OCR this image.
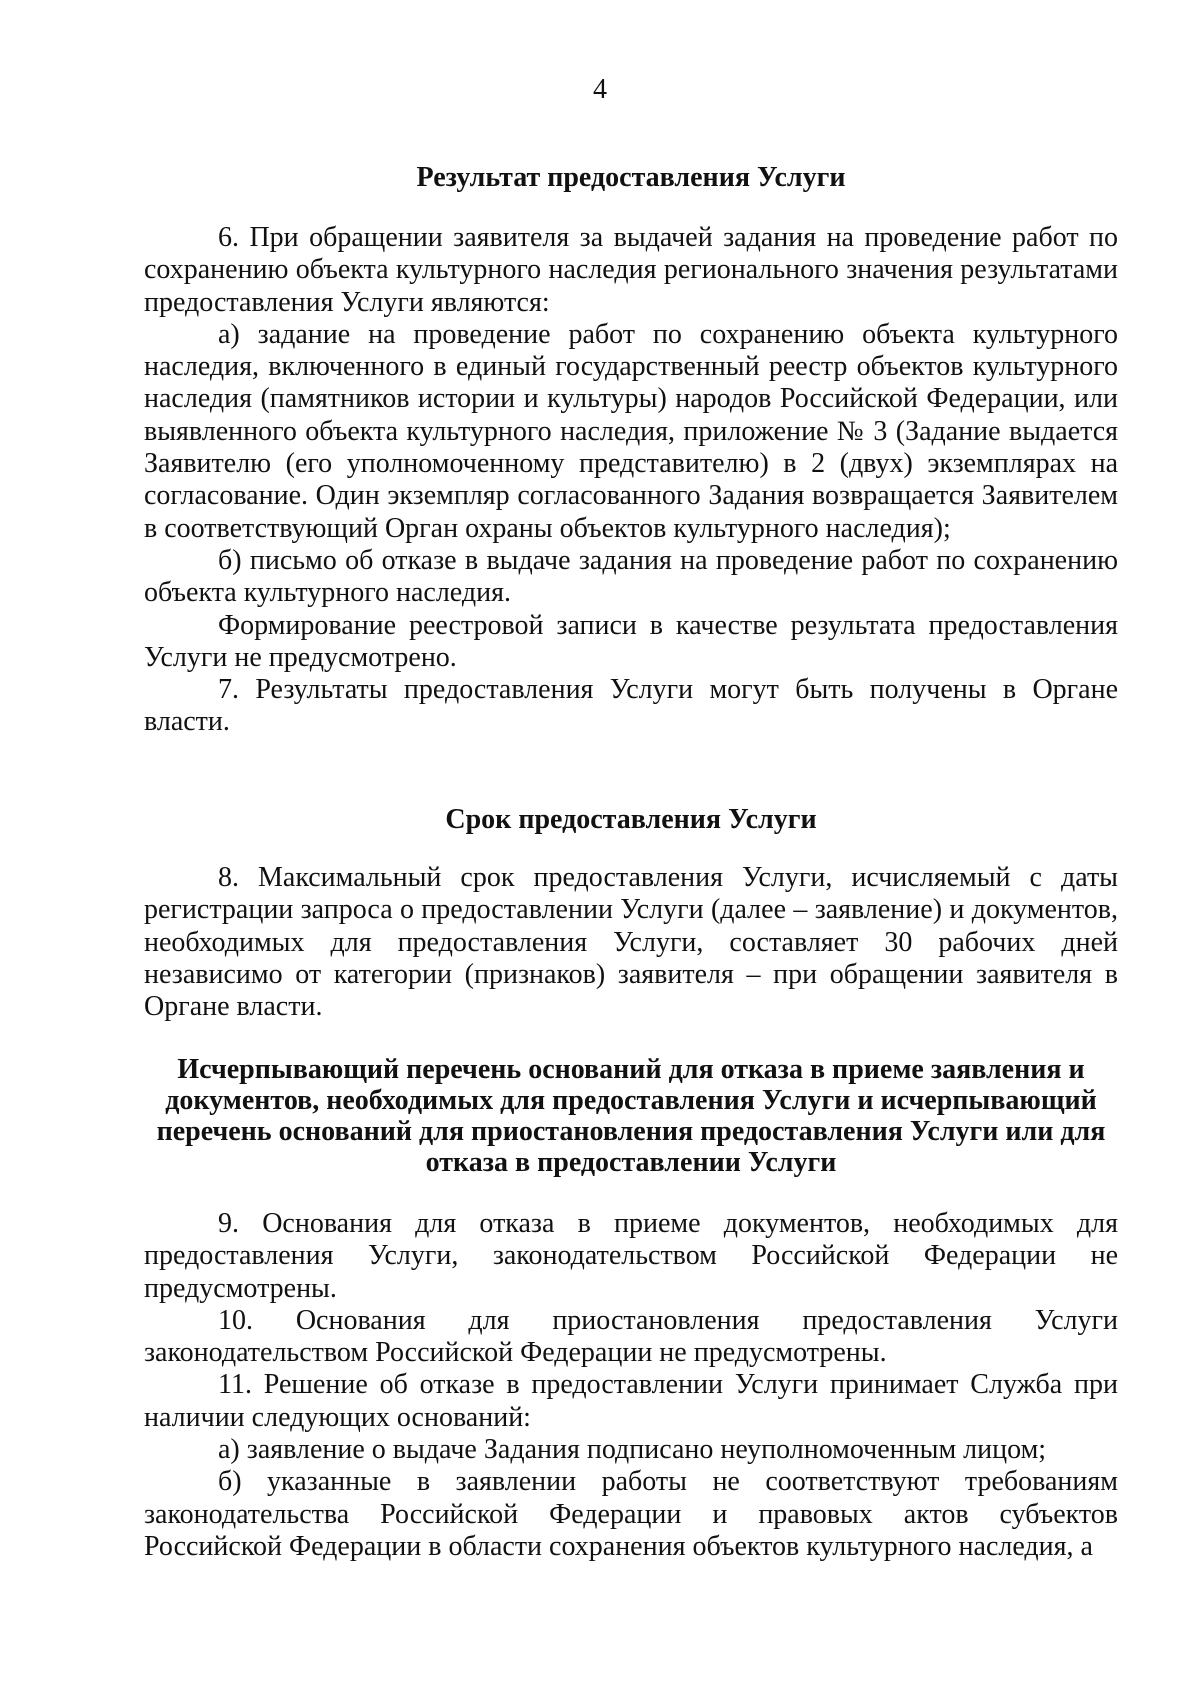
4
Результат предоставления Услуги

6. При обращении заявителя за выдачей задания на проведение работ по сохранению объекта культурного наследия регионального значения результатами предоставления Услуги являются:

а) задание на проведение работ по сохранению объекта культурного наследия, включенного в единый государственный реестр объектов культурного наследия (памятников истории и культуры) народов Российской Федерации, или выявленного объекта культурного наследия, приложение № 3 (Задание выдается Заявителю (его уполномоченному представителю) в 2 (двух) экземплярах на согласование. Один экземпляр согласованного Задания возвращается Заявителем в соответствующий Орган охраны объектов культурного наследия);

б) письмо об отказе в выдаче задания на проведение работ по сохранению объекта культурного наследия.

Формирование реестровой записи в качестве результата предоставления Услуги не предусмотрено.

7. Результаты предоставления Услуги могут быть получены в Органе власти.

Срок предоставления Услуги

8. Максимальный срок предоставления Услуги, исчисляемый с даты регистрации запроса о предоставлении Услуги (далее – заявление) и документов, необходимых для предоставления Услуги, составляет 30 рабочих дней независимо от категории (признаков) заявителя – при обращении заявителя в Органе власти.

Исчерпывающий перечень оснований для отказа в приеме заявления и документов, необходимых для предоставления Услуги и исчерпывающий перечень оснований для приостановления предоставления Услуги или для отказа в предоставлении Услуги

9. Основания для отказа в приеме документов, необходимых для предоставления Услуги, законодательством Российской Федерации не предусмотрены.

10. Основания для приостановления предоставления Услуги законодательством Российской Федерации не предусмотрены.

11. Решение об отказе в предоставлении Услуги принимает Служба при наличии следующих оснований:

а) заявление о выдаче Задания подписано неуполномоченным лицом;

б) указанные в заявлении работы не соответствуют требованиям законодательства Российской Федерации и правовых актов субъектов Российской Федерации в области сохранения объектов культурного наследия, а
